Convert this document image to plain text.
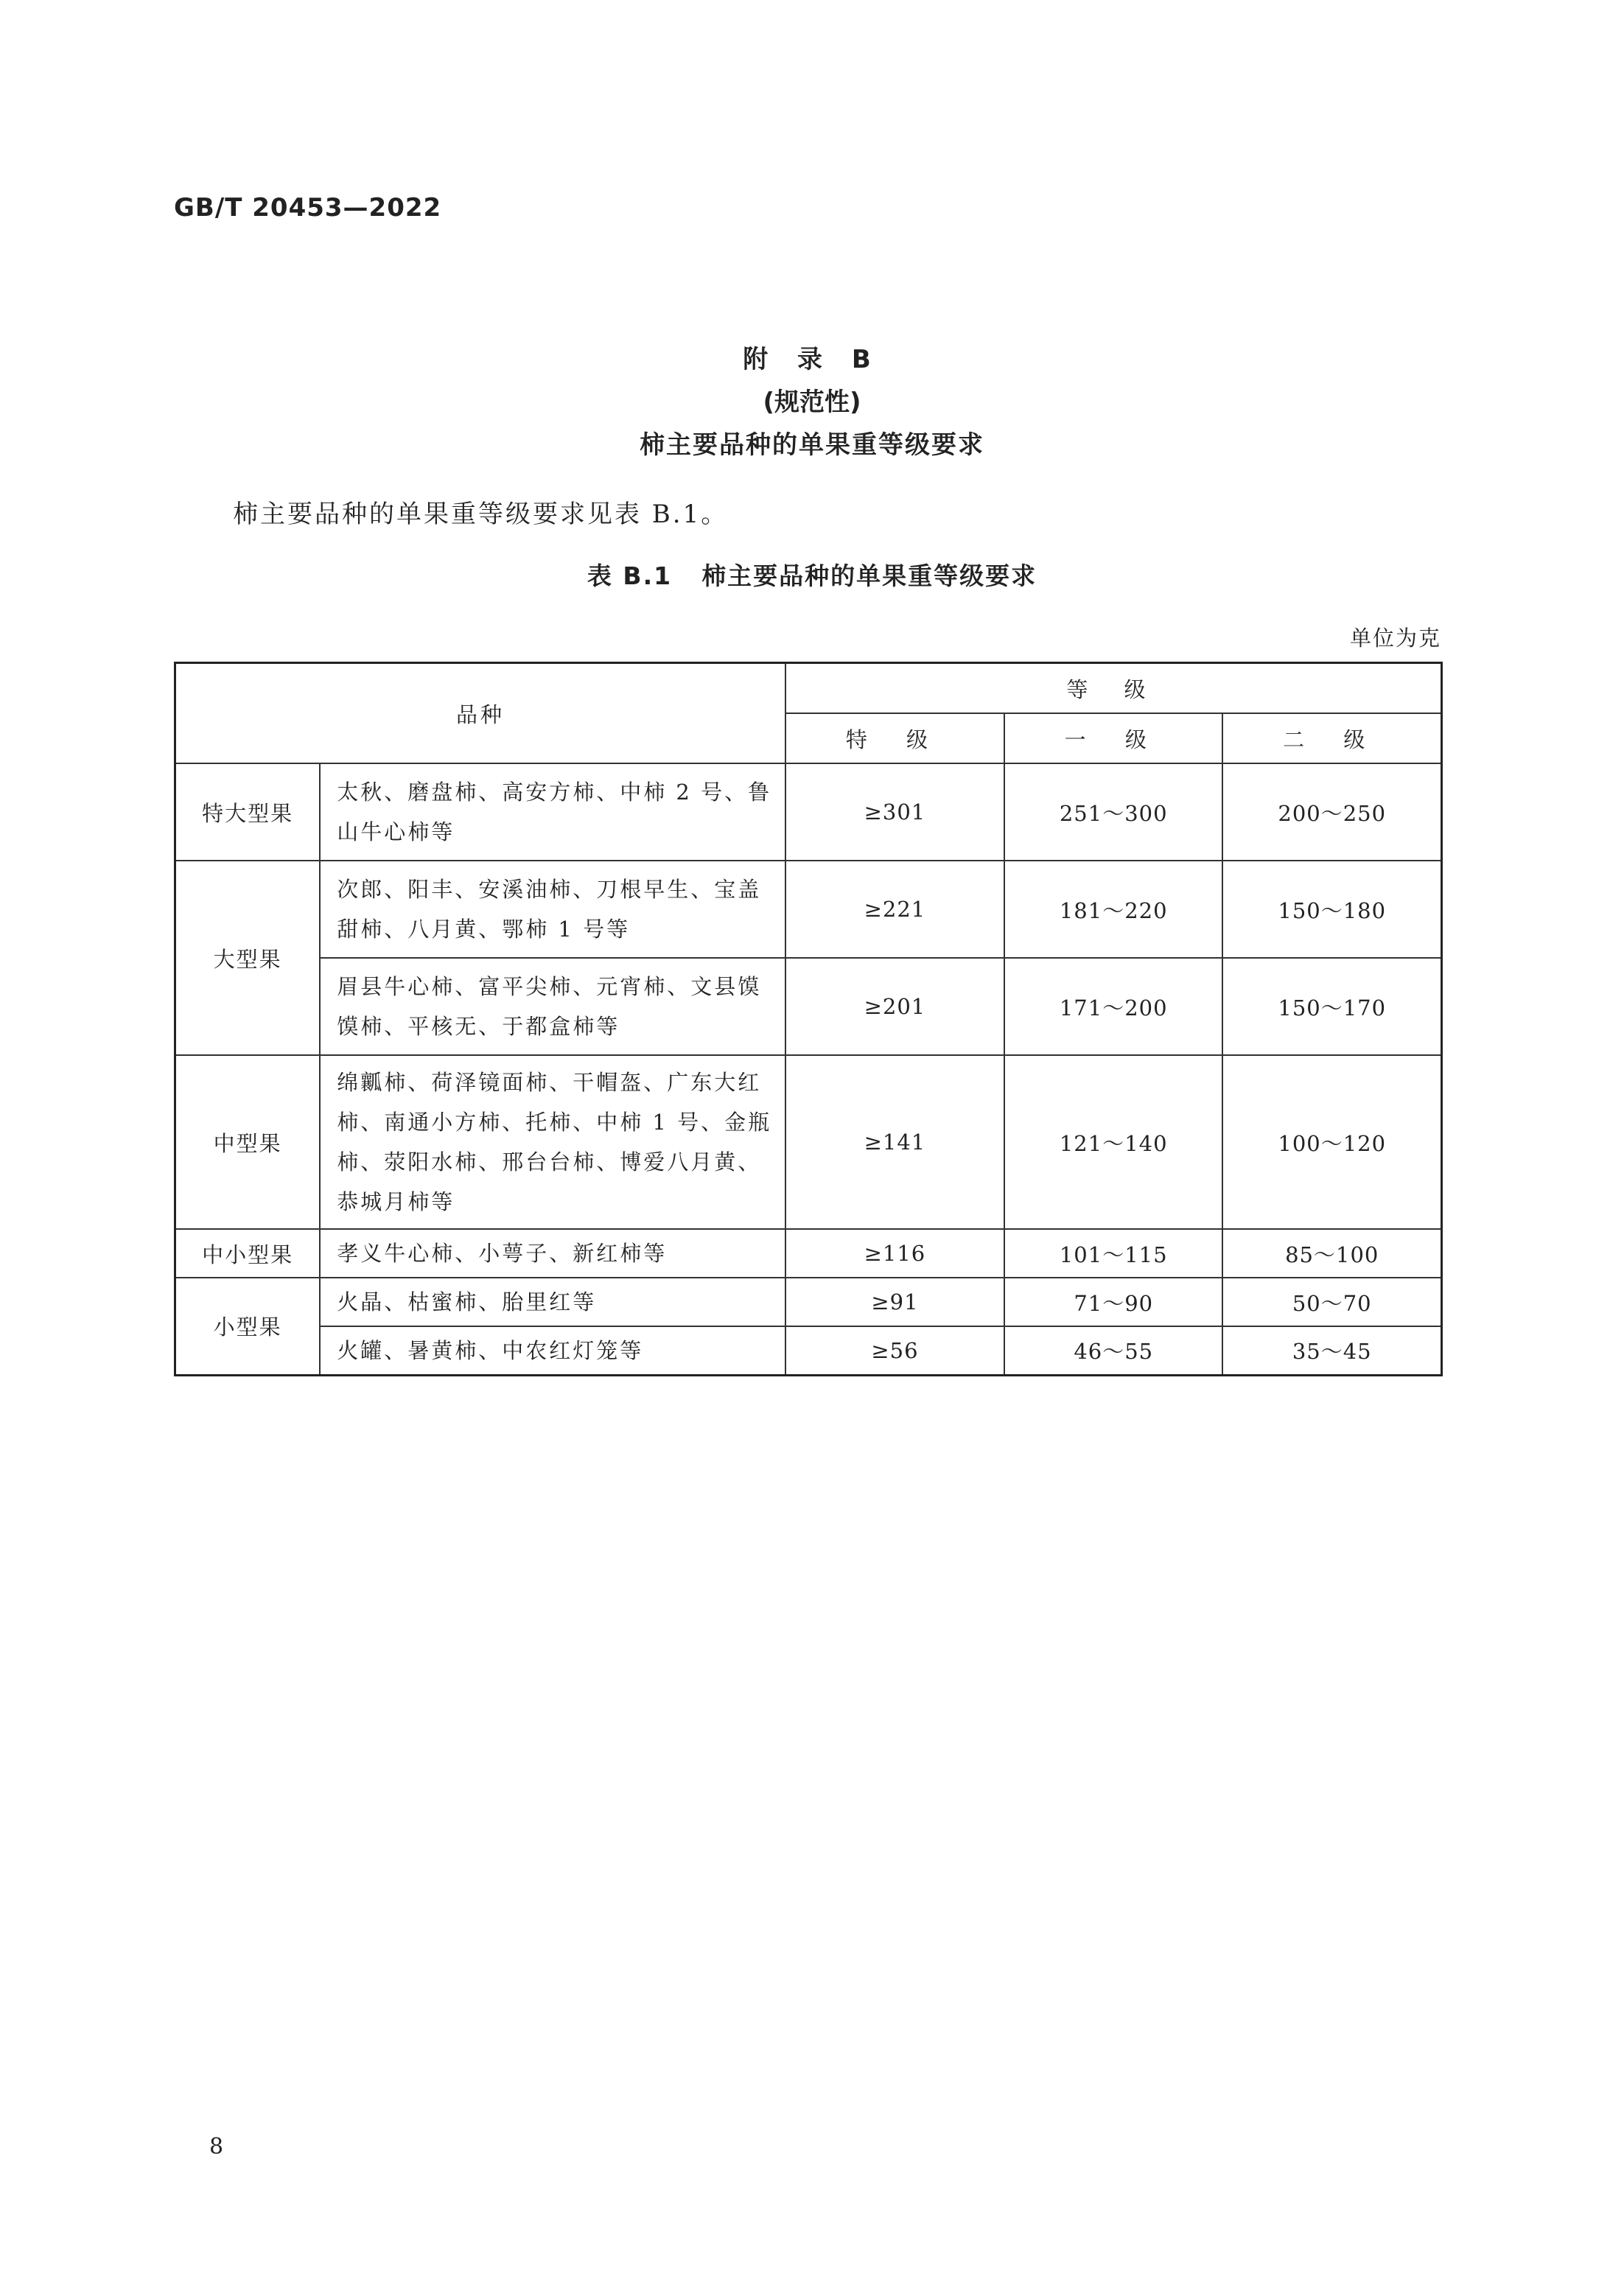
GB/T 20453—2022
附 录 B
(规范性)
柿主要品种的单果重等级要求
柿主要品种的单果重等级要求见表 B.1。
表 B.1 柿主要品种的单果重等级要求
单位为克
品种		等 级		
		特 级	一 级	二 级
特大型果	太秋、磨盘柿、高安方柿、中柿 2 号、鲁山牛心柿等	≥301	251～300	200～250
大型果	次郎、阳丰、安溪油柿、刀根早生、宝盖甜柿、八月黄、鄂柿 1 号等	≥221	181～220	150～180
	眉县牛心柿、富平尖柿、元宵柿、文县馍馍柿、平核无、于都盒柿等	≥201	171～200	150～170
中型果	绵瓤柿、荷泽镜面柿、干帽盔、广东大红柿、南通小方柿、托柿、中柿 1 号、金瓶柿、荥阳水柿、邢台台柿、博爱八月黄、恭城月柿等	≥141	121～140	100～120
中小型果	孝义牛心柿、小萼子、新红柿等	≥116	101～115	85～100
小型果	火晶、枯蜜柿、胎里红等	≥91	71～90	50～70
	火罐、暑黄柿、中农红灯笼等	≥56	46～55	35～45
8
